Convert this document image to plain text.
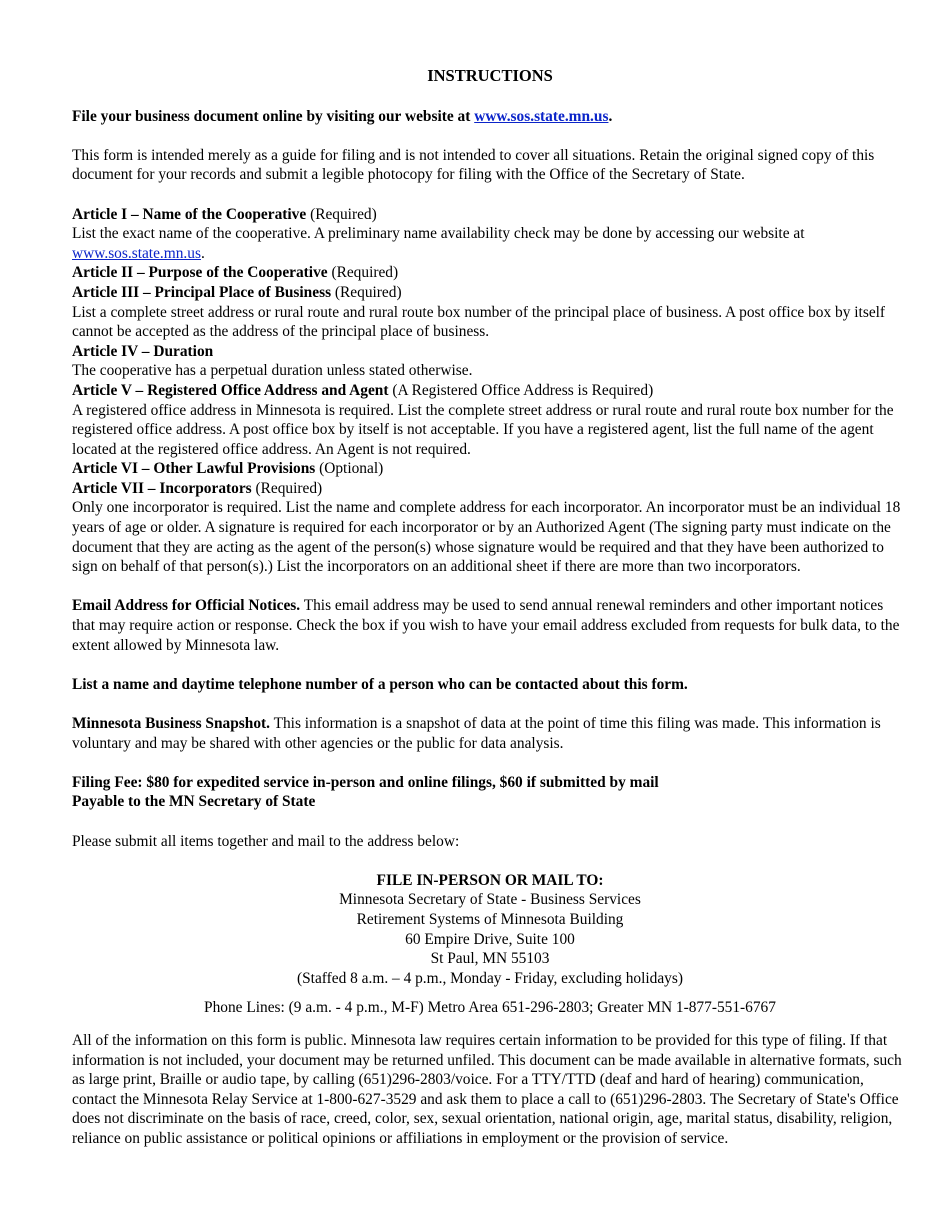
INSTRUCTIONS

File your business document online by visiting our website at www.sos.state.mn.us.

This form is intended merely as a guide for filing and is not intended to cover all situations. Retain the original signed copy of this document for your records and submit a legible photocopy for filing with the Office of the Secretary of State.

Article I – Name of the Cooperative (Required)

List the exact name of the cooperative. A preliminary name availability check may be done by accessing our website at www.sos.state.mn.us.

Article II – Purpose of the Cooperative (Required)

Article III – Principal Place of Business (Required)

List a complete street address or rural route and rural route box number of the principal place of business. A post office box by itself cannot be accepted as the address of the principal place of business.

Article IV – Duration

The cooperative has a perpetual duration unless stated otherwise.

Article V – Registered Office Address and Agent (A Registered Office Address is Required)

A registered office address in Minnesota is required. List the complete street address or rural route and rural route box number for the registered office address. A post office box by itself is not acceptable. If you have a registered agent, list the full name of the agent located at the registered office address. An Agent is not required.

Article VI – Other Lawful Provisions (Optional)

Article VII – Incorporators (Required)

Only one incorporator is required. List the name and complete address for each incorporator. An incorporator must be an individual 18 years of age or older. A signature is required for each incorporator or by an Authorized Agent (The signing party must indicate on the document that they are acting as the agent of the person(s) whose signature would be required and that they have been authorized to sign on behalf of that person(s).) List the incorporators on an additional sheet if there are more than two incorporators.

Email Address for Official Notices. This email address may be used to send annual renewal reminders and other important notices that may require action or response. Check the box if you wish to have your email address excluded from requests for bulk data, to the extent allowed by Minnesota law.

List a name and daytime telephone number of a person who can be contacted about this form.

Minnesota Business Snapshot. This information is a snapshot of data at the point of time this filing was made. This information is voluntary and may be shared with other agencies or the public for data analysis.

Filing Fee: $80 for expedited service in-person and online filings, $60 if submitted by mail

Payable to the MN Secretary of State

Please submit all items together and mail to the address below:

FILE IN-PERSON OR MAIL TO:

Minnesota Secretary of State - Business Services

Retirement Systems of Minnesota Building

60 Empire Drive, Suite 100

St Paul, MN 55103

(Staffed 8 a.m. – 4 p.m., Monday - Friday, excluding holidays)

Phone Lines: (9 a.m. - 4 p.m., M-F) Metro Area 651-296-2803; Greater MN 1-877-551-6767

All of the information on this form is public. Minnesota law requires certain information to be provided for this type of filing. If that information is not included, your document may be returned unfiled. This document can be made available in alternative formats, such as large print, Braille or audio tape, by calling (651)296-2803/voice. For a TTY/TTD (deaf and hard of hearing) communication, contact the Minnesota Relay Service at 1-800-627-3529 and ask them to place a call to (651)296-2803. The Secretary of State's Office does not discriminate on the basis of race, creed, color, sex, sexual orientation, national origin, age, marital status, disability, religion, reliance on public assistance or political opinions or affiliations in employment or the provision of service.
